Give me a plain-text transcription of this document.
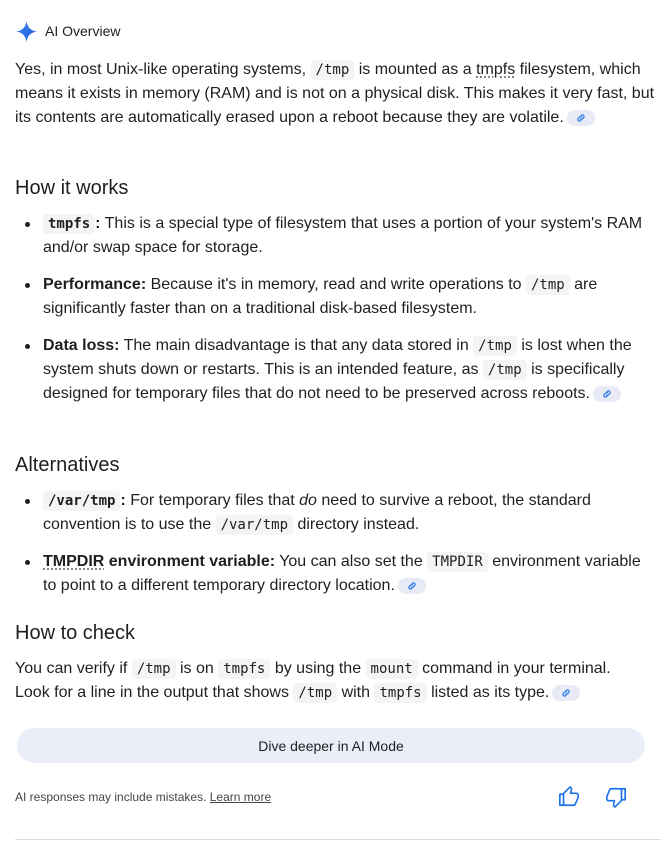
AI Overview

Yes, in most Unix-like operating systems, /tmp is mounted as a tmpfs filesystem, which means it exists in memory (RAM) and is not on a physical disk. This makes it very fast, but its contents are automatically erased upon a reboot because they are volatile.

How it works
tmpfs : This is a special type of filesystem that uses a portion of your system's RAM and/or swap space for storage.
Performance: Because it's in memory, read and write operations to /tmp are significantly faster than on a traditional disk-based filesystem.
Data loss: The main disadvantage is that any data stored in /tmp is lost when the system shuts down or restarts. This is an intended feature, as /tmp is specifically designed for temporary files that do not need to be preserved across reboots.
Alternatives
/var/tmp : For temporary files that do need to survive a reboot, the standard convention is to use the /var/tmp directory instead.
TMPDIR environment variable: You can also set the TMPDIR environment variable to point to a different temporary directory location.
How to check

You can verify if /tmp is on tmpfs by using the mount command in your terminal. Look for a line in the output that shows /tmp with tmpfs listed as its type.

Dive deeper in AI Mode
AI responses may include mistakes. Learn more
